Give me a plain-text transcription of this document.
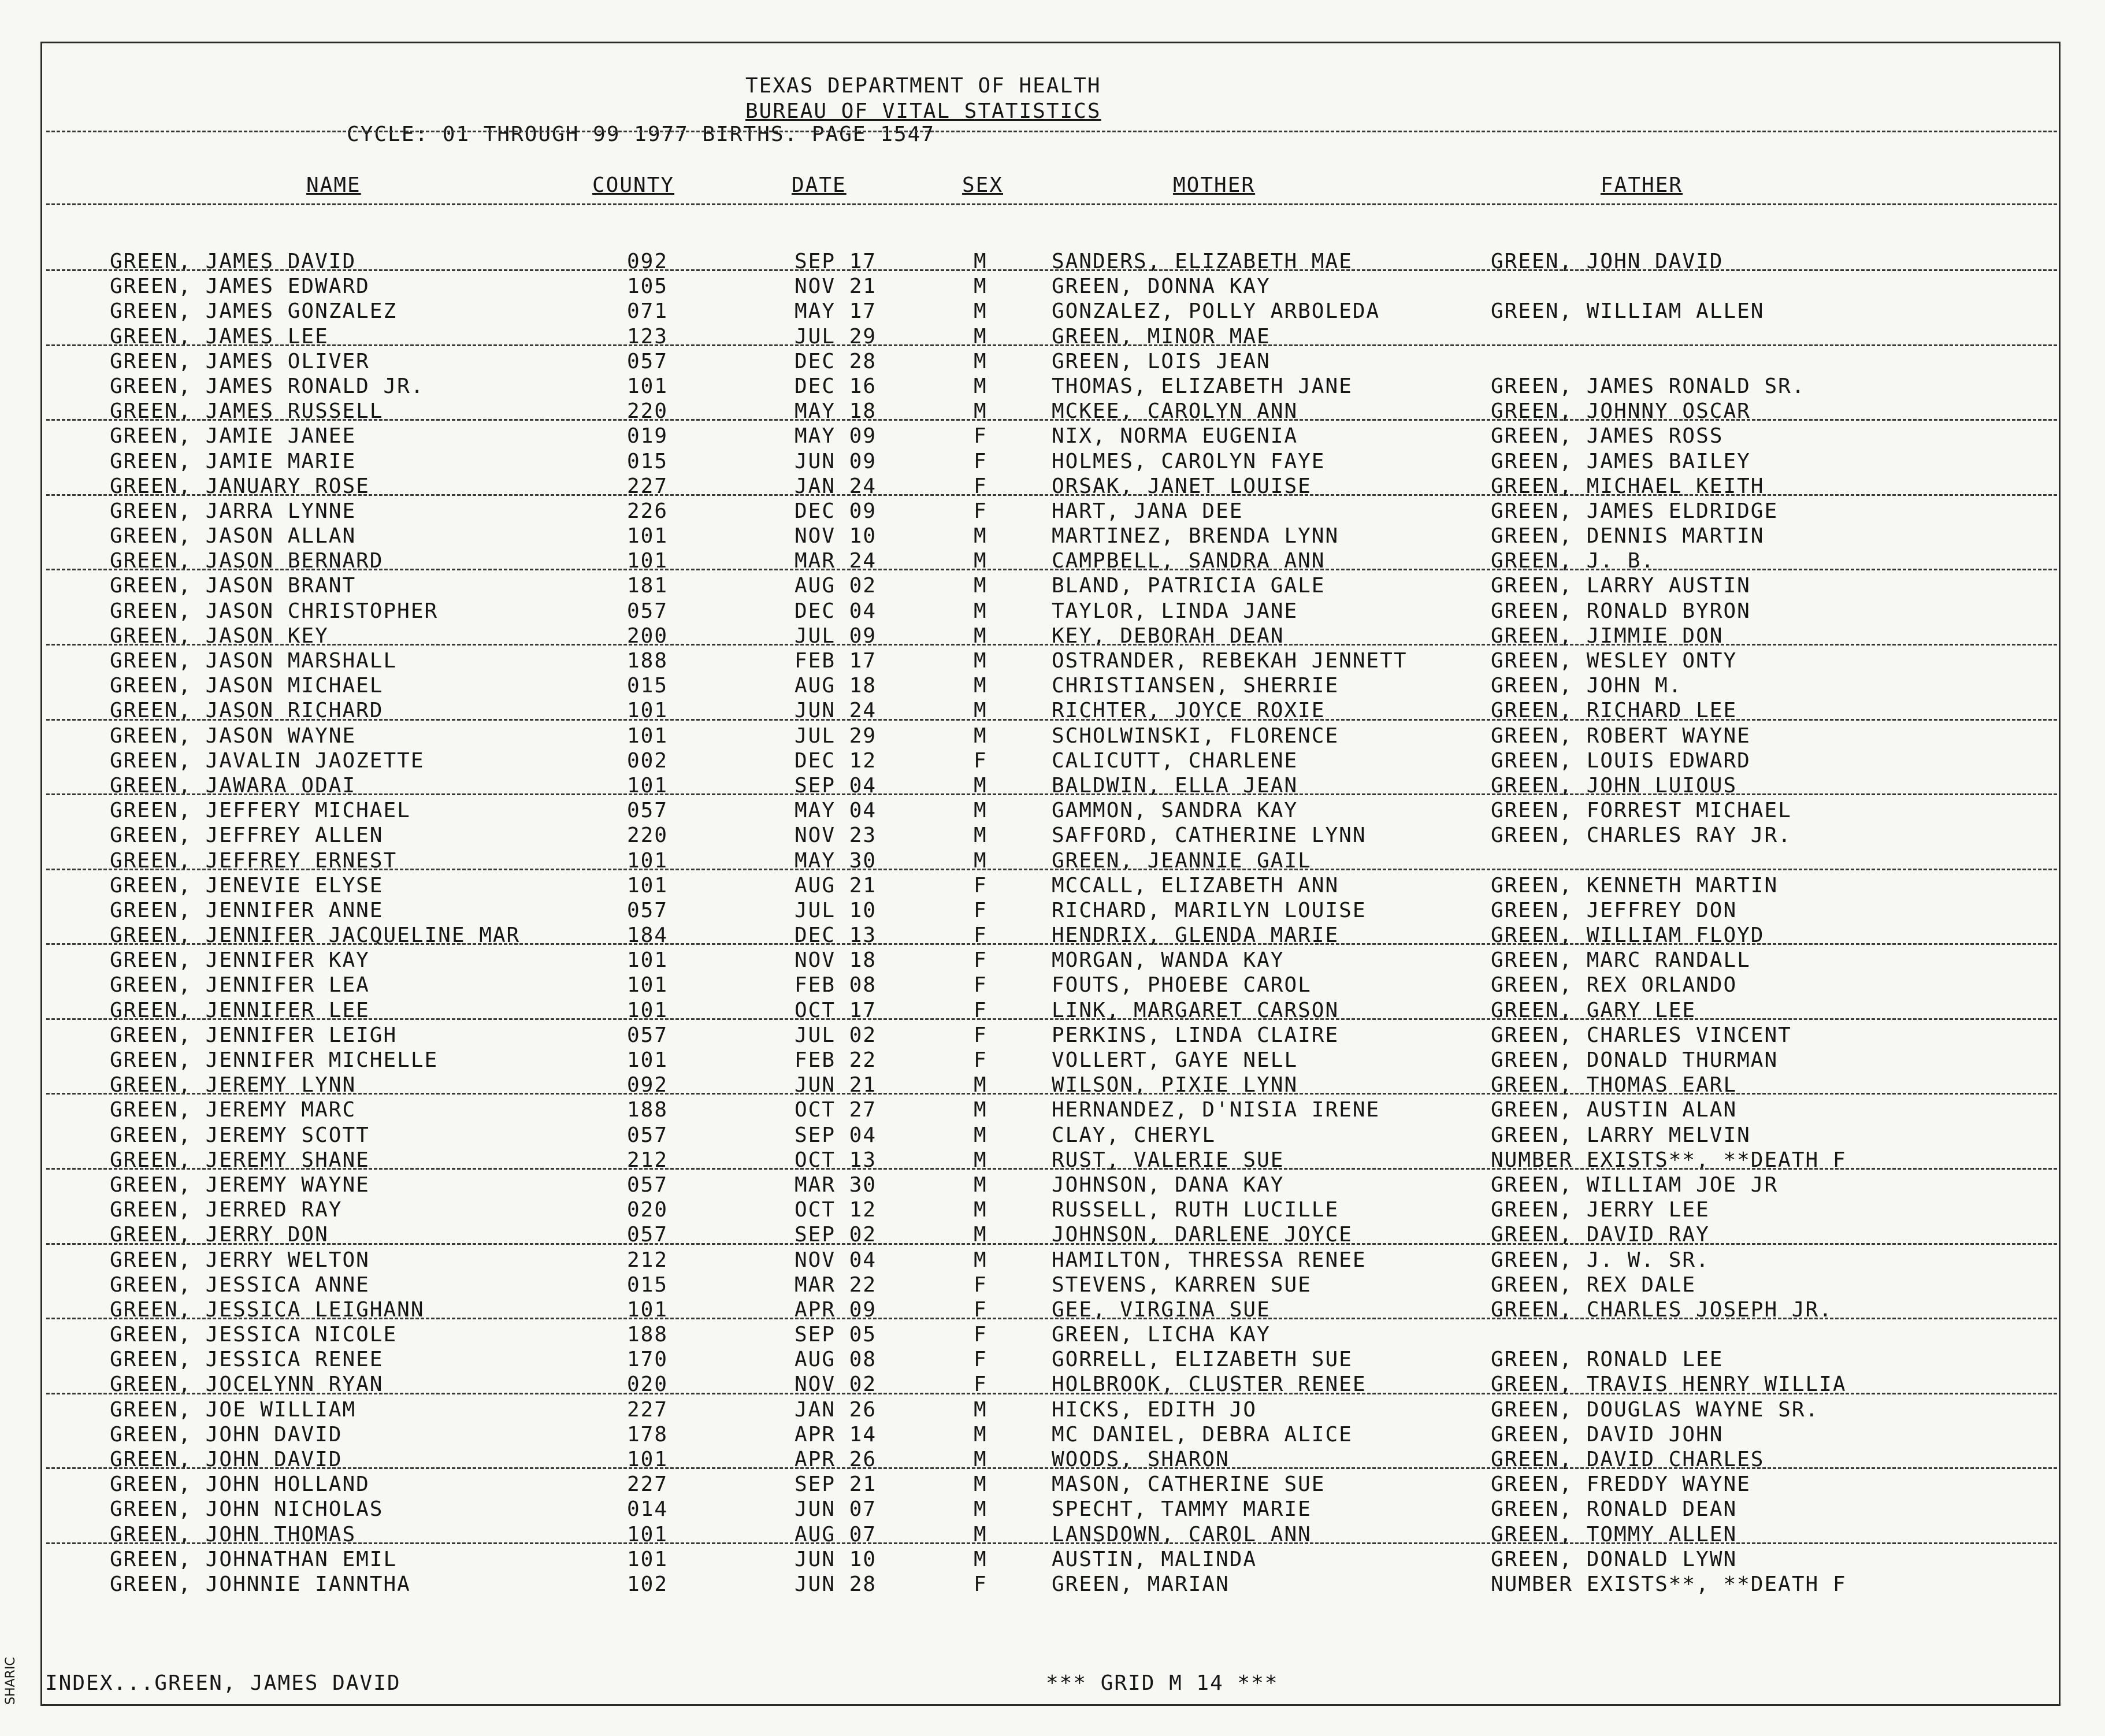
TEXAS DEPARTMENT OF HEALTH
BUREAU OF VITAL STATISTICS
CYCLE: 01 THROUGH 99 1977 BIRTHS. PAGE 1547
NAME	COUNTY	DATE	SEX	MOTHER	FATHER
GREEN, JAMES DAVID	092	SEP 17	M	SANDERS, ELIZABETH MAE	GREEN, JOHN DAVID
GREEN, JAMES EDWARD	105	NOV 21	M	GREEN, DONNA KAY
GREEN, JAMES GONZALEZ	071	MAY 17	M	GONZALEZ, POLLY ARBOLEDA	GREEN, WILLIAM ALLEN
GREEN, JAMES LEE	123	JUL 29	M	GREEN, MINOR MAE
GREEN, JAMES OLIVER	057	DEC 28	M	GREEN, LOIS JEAN
GREEN, JAMES RONALD JR.	101	DEC 16	M	THOMAS, ELIZABETH JANE	GREEN, JAMES RONALD SR.
GREEN, JAMES RUSSELL	220	MAY 18	M	MCKEE, CAROLYN ANN	GREEN, JOHNNY OSCAR
GREEN, JAMIE JANEE	019	MAY 09	F	NIX, NORMA EUGENIA	GREEN, JAMES ROSS
GREEN, JAMIE MARIE	015	JUN 09	F	HOLMES, CAROLYN FAYE	GREEN, JAMES BAILEY
GREEN, JANUARY ROSE	227	JAN 24	F	ORSAK, JANET LOUISE	GREEN, MICHAEL KEITH
GREEN, JARRA LYNNE	226	DEC 09	F	HART, JANA DEE	GREEN, JAMES ELDRIDGE
GREEN, JASON ALLAN	101	NOV 10	M	MARTINEZ, BRENDA LYNN	GREEN, DENNIS MARTIN
GREEN, JASON BERNARD	101	MAR 24	M	CAMPBELL, SANDRA ANN	GREEN, J. B.
GREEN, JASON BRANT	181	AUG 02	M	BLAND, PATRICIA GALE	GREEN, LARRY AUSTIN
GREEN, JASON CHRISTOPHER	057	DEC 04	M	TAYLOR, LINDA JANE	GREEN, RONALD BYRON
GREEN, JASON KEY	200	JUL 09	M	KEY, DEBORAH DEAN	GREEN, JIMMIE DON
GREEN, JASON MARSHALL	188	FEB 17	M	OSTRANDER, REBEKAH JENNETT	GREEN, WESLEY ONTY
GREEN, JASON MICHAEL	015	AUG 18	M	CHRISTIANSEN, SHERRIE	GREEN, JOHN M.
GREEN, JASON RICHARD	101	JUN 24	M	RICHTER, JOYCE ROXIE	GREEN, RICHARD LEE
GREEN, JASON WAYNE	101	JUL 29	M	SCHOLWINSKI, FLORENCE	GREEN, ROBERT WAYNE
GREEN, JAVALIN JAOZETTE	002	DEC 12	F	CALICUTT, CHARLENE	GREEN, LOUIS EDWARD
GREEN, JAWARA ODAI	101	SEP 04	M	BALDWIN, ELLA JEAN	GREEN, JOHN LUIOUS
GREEN, JEFFERY MICHAEL	057	MAY 04	M	GAMMON, SANDRA KAY	GREEN, FORREST MICHAEL
GREEN, JEFFREY ALLEN	220	NOV 23	M	SAFFORD, CATHERINE LYNN	GREEN, CHARLES RAY JR.
GREEN, JEFFREY ERNEST	101	MAY 30	M	GREEN, JEANNIE GAIL
GREEN, JENEVIE ELYSE	101	AUG 21	F	MCCALL, ELIZABETH ANN	GREEN, KENNETH MARTIN
GREEN, JENNIFER ANNE	057	JUL 10	F	RICHARD, MARILYN LOUISE	GREEN, JEFFREY DON
GREEN, JENNIFER JACQUELINE MAR	184	DEC 13	F	HENDRIX, GLENDA MARIE	GREEN, WILLIAM FLOYD
GREEN, JENNIFER KAY	101	NOV 18	F	MORGAN, WANDA KAY	GREEN, MARC RANDALL
GREEN, JENNIFER LEA	101	FEB 08	F	FOUTS, PHOEBE CAROL	GREEN, REX ORLANDO
GREEN, JENNIFER LEE	101	OCT 17	F	LINK, MARGARET CARSON	GREEN, GARY LEE
GREEN, JENNIFER LEIGH	057	JUL 02	F	PERKINS, LINDA CLAIRE	GREEN, CHARLES VINCENT
GREEN, JENNIFER MICHELLE	101	FEB 22	F	VOLLERT, GAYE NELL	GREEN, DONALD THURMAN
GREEN, JEREMY LYNN	092	JUN 21	M	WILSON, PIXIE LYNN	GREEN, THOMAS EARL
GREEN, JEREMY MARC	188	OCT 27	M	HERNANDEZ, D'NISIA IRENE	GREEN, AUSTIN ALAN
GREEN, JEREMY SCOTT	057	SEP 04	M	CLAY, CHERYL	GREEN, LARRY MELVIN
GREEN, JEREMY SHANE	212	OCT 13	M	RUST, VALERIE SUE	NUMBER EXISTS**, **DEATH F
GREEN, JEREMY WAYNE	057	MAR 30	M	JOHNSON, DANA KAY	GREEN, WILLIAM JOE JR
GREEN, JERRED RAY	020	OCT 12	M	RUSSELL, RUTH LUCILLE	GREEN, JERRY LEE
GREEN, JERRY DON	057	SEP 02	M	JOHNSON, DARLENE JOYCE	GREEN, DAVID RAY
GREEN, JERRY WELTON	212	NOV 04	M	HAMILTON, THRESSA RENEE	GREEN, J. W. SR.
GREEN, JESSICA ANNE	015	MAR 22	F	STEVENS, KARREN SUE	GREEN, REX DALE
GREEN, JESSICA LEIGHANN	101	APR 09	F	GEE, VIRGINA SUE	GREEN, CHARLES JOSEPH JR.
GREEN, JESSICA NICOLE	188	SEP 05	F	GREEN, LICHA KAY
GREEN, JESSICA RENEE	170	AUG 08	F	GORRELL, ELIZABETH SUE	GREEN, RONALD LEE
GREEN, JOCELYNN RYAN	020	NOV 02	F	HOLBROOK, CLUSTER RENEE	GREEN, TRAVIS HENRY WILLIA
GREEN, JOE WILLIAM	227	JAN 26	M	HICKS, EDITH JO	GREEN, DOUGLAS WAYNE SR.
GREEN, JOHN DAVID	178	APR 14	M	MC DANIEL, DEBRA ALICE	GREEN, DAVID JOHN
GREEN, JOHN DAVID	101	APR 26	M	WOODS, SHARON	GREEN, DAVID CHARLES
GREEN, JOHN HOLLAND	227	SEP 21	M	MASON, CATHERINE SUE	GREEN, FREDDY WAYNE
GREEN, JOHN NICHOLAS	014	JUN 07	M	SPECHT, TAMMY MARIE	GREEN, RONALD DEAN
GREEN, JOHN THOMAS	101	AUG 07	M	LANSDOWN, CAROL ANN	GREEN, TOMMY ALLEN
GREEN, JOHNATHAN EMIL	101	JUN 10	M	AUSTIN, MALINDA	GREEN, DONALD LYWN
GREEN, JOHNNIE IANNTHA	102	JUN 28	F	GREEN, MARIAN	NUMBER EXISTS**, **DEATH F
INDEX...GREEN, JAMES DAVID	*** GRID M 14 ***
SHARIC
